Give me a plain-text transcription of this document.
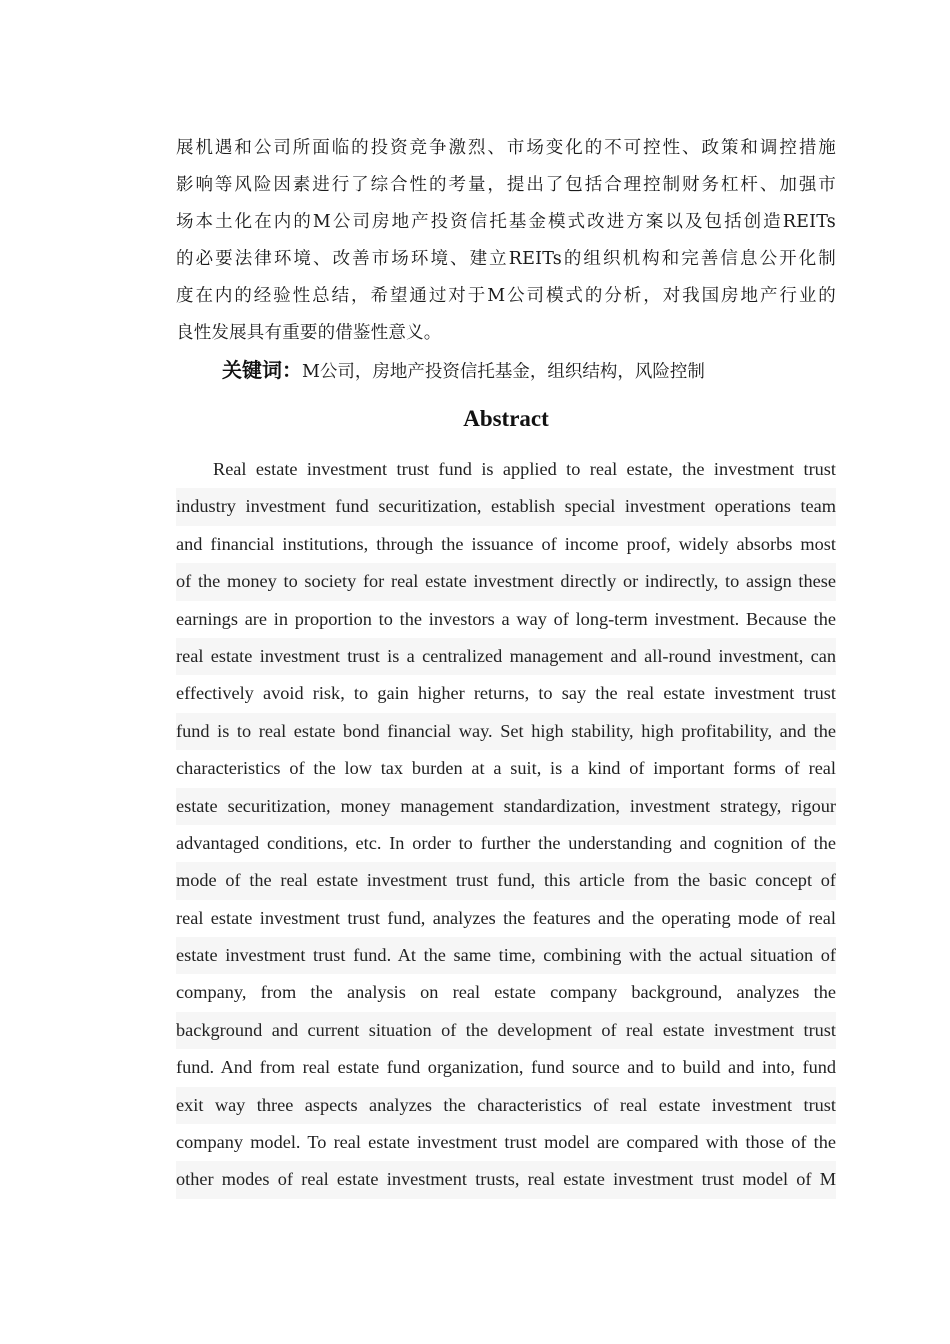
展机遇和公司所面临的投资竞争激烈、市场变化的不可控性、政策和调控措施
影响等风险因素进行了综合性的考量，提出了包括合理控制财务杠杆、加强市
场本土化在内的M公司房地产投资信托基金模式改进方案以及包括创造REITs
的必要法律环境、改善市场环境、建立REITs的组织机构和完善信息公开化制
度在内的经验性总结，希望通过对于M公司模式的分析，对我国房地产行业的
良性发展具有重要的借鉴性意义。
关键词：M公司，房地产投资信托基金，组织结构，风险控制
Abstract
Real estate investment trust fund is applied to real estate, the investment trust
industry investment fund securitization, establish special investment operations team
and financial institutions, through the issuance of income proof, widely absorbs most
of the money to society for real estate investment directly or indirectly, to assign these
earnings are in proportion to the investors a way of long-term investment. Because the
real estate investment trust is a centralized management and all-round investment, can
effectively avoid risk, to gain higher returns, to say the real estate investment trust
fund is to real estate bond financial way. Set high stability, high profitability, and the
characteristics of the low tax burden at a suit, is a kind of important forms of real
estate securitization, money management standardization, investment strategy, rigour
advantaged conditions, etc. In order to further the understanding and cognition of the
mode of the real estate investment trust fund, this article from the basic concept of
real estate investment trust fund, analyzes the features and the operating mode of real
estate investment trust fund. At the same time, combining with the actual situation of
company, from the analysis on real estate company background, analyzes the
background and current situation of the development of real estate investment trust
fund. And from real estate fund organization, fund source and to build and into, fund
exit way three aspects analyzes the characteristics of real estate investment trust
company model. To real estate investment trust model are compared with those of the
other modes of real estate investment trusts, real estate investment trust model of M
